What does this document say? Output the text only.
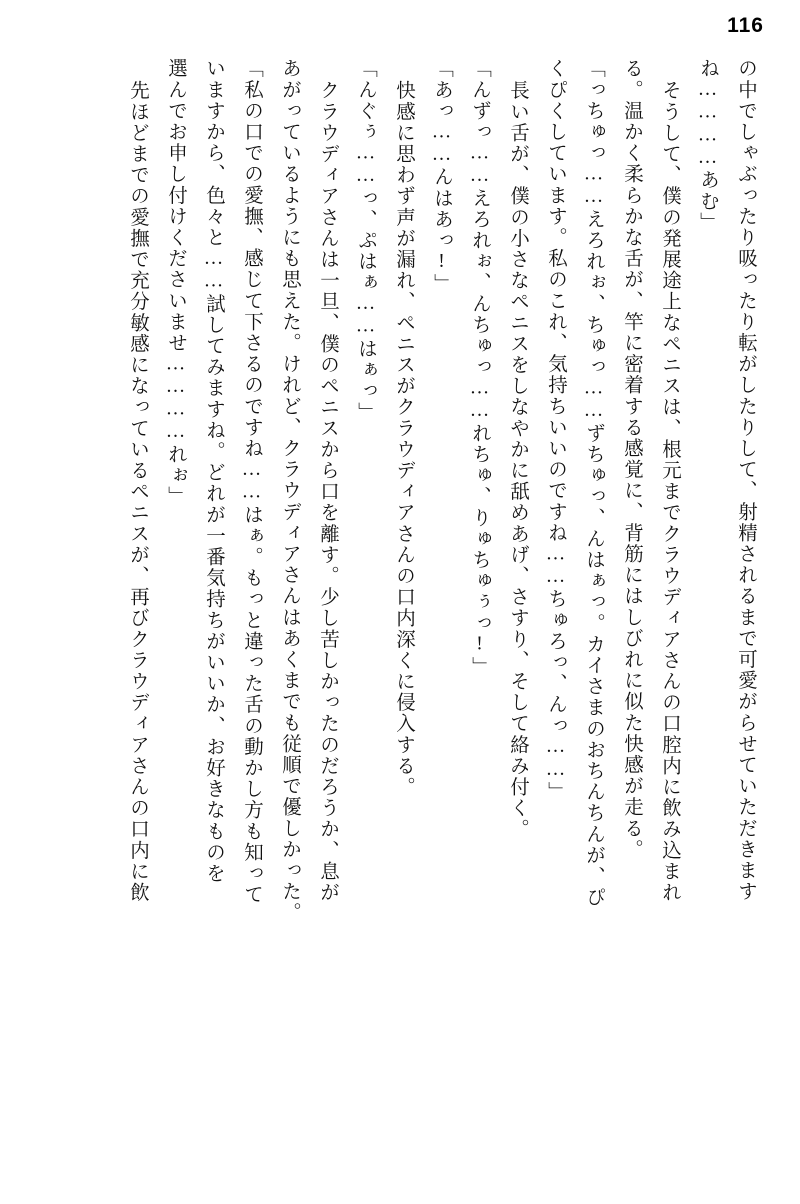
116
の中でしゃぶったり吸ったり転がしたりして、射精されるまで可愛がらせていただきます
ね…………あむ」
そうして、僕の発展途上なペニスは、根元までクラウディアさんの口腔内に飲み込まれ
る。温かく柔らかな舌が、竿に密着する感覚に、背筋にはしびれに似た快感が走る。
「っちゅっ……えろれぉ、ちゅっ……ずちゅっ、んはぁっ。カイさまのおちんちんが、ぴ
くぴくしています。私のこれ、気持ちいいのですね……ちゅろっ、んっ……」
長い舌が、僕の小さなペニスをしなやかに舐めあげ、さすり、そして絡み付く。
「んずっ……えろれぉ、んちゅっ……れちゅ、りゅちゅぅっ!」
「あっ……んはあっ!」
快感に思わず声が漏れ、ペニスがクラウディアさんの口内深くに侵入する。
「んぐぅ……っ、ぷはぁ……はぁっ」
クラウディアさんは一旦、僕のペニスから口を離す。少し苦しかったのだろうか、息が
あがっているようにも思えた。けれど、クラウディアさんはあくまでも従順で優しかった。
「私の口での愛撫、感じて下さるのですね……はぁ。もっと違った舌の動かし方も知って
いますから、色々と……試してみますね。どれが一番気持ちがいいか、お好きなものを
選んでお申し付けくださいませ…………れぉ」
先ほどまでの愛撫で充分敏感になっているペニスが、再びクラウディアさんの口内に飲
